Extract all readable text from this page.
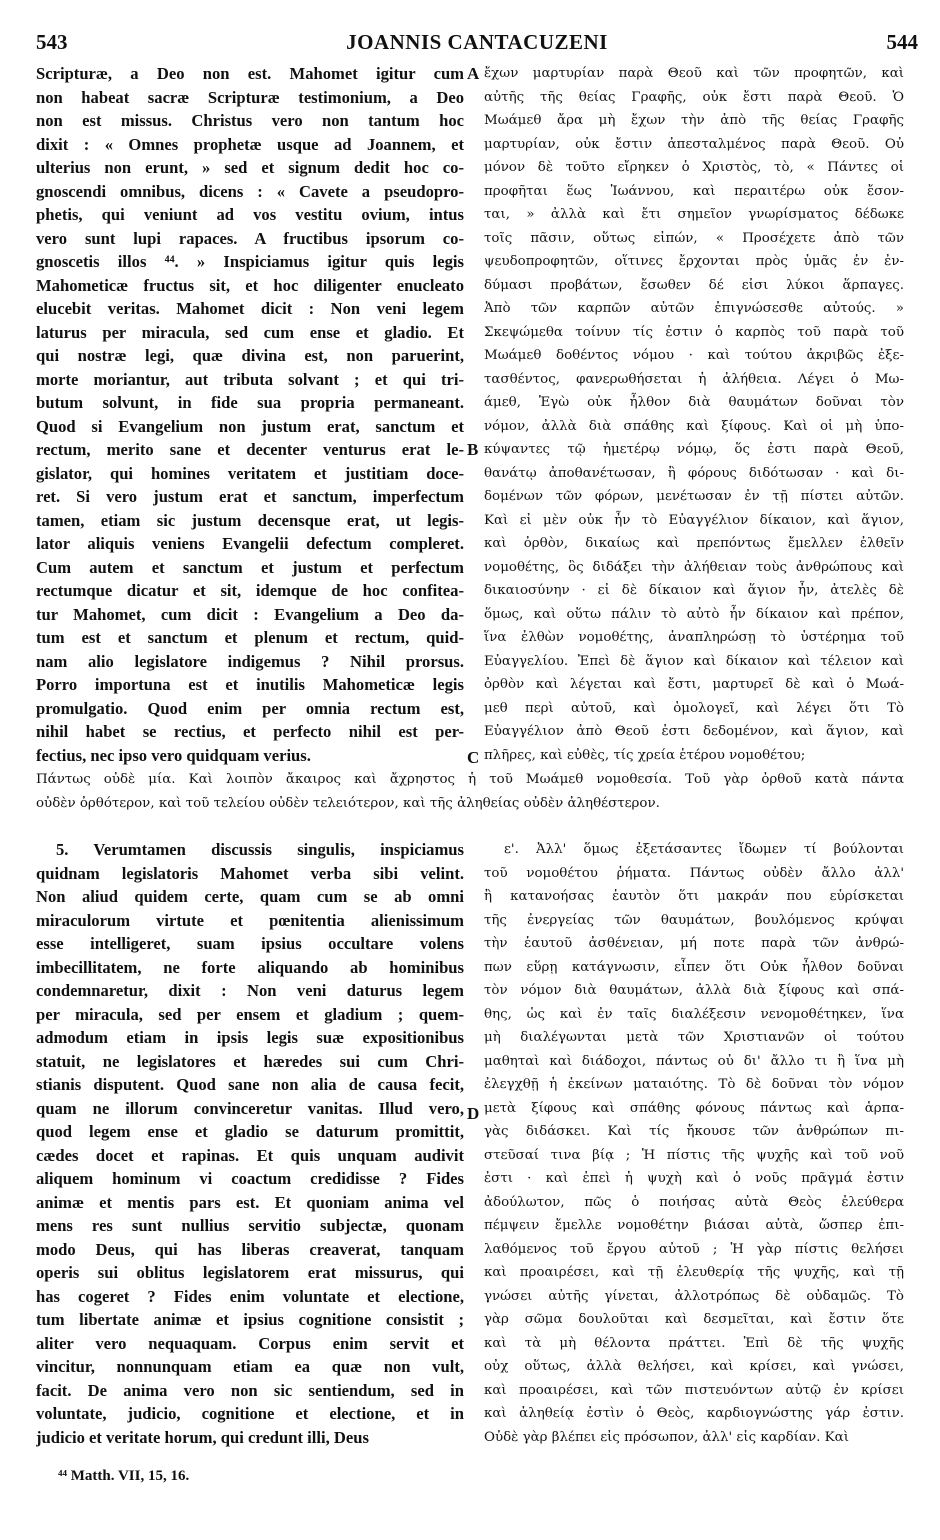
543	JOANNIS CANTACUZENI	544
Scripturæ, a Deo non est. Mahomet igitur cum
non habeat sacræ Scripturæ testimonium, a Deo
non est missus. Christus vero non tantum hoc
dixit : « Omnes prophetæ usque ad Joannem, et
ulterius non erunt, » sed et signum dedit hoc co-
gnoscendi omnibus, dicens : « Cavete a pseudopro-
phetis, qui veniunt ad vos vestitu ovium, intus
vero sunt lupi rapaces. A fructibus ipsorum co-
gnoscetis illos ⁴⁴. » Inspiciamus igitur quis legis
Mahometicæ fructus sit, et hoc diligenter enucleato
elucebit veritas. Mahomet dicit : Non veni legem
laturus per miracula, sed cum ense et gladio. Et
qui nostræ legi, quæ divina est, non paruerint,
morte moriantur, aut tributa solvant ; et qui tri-
butum solvunt, in fide sua propria permaneant.
Quod si Evangelium non justum erat, sanctum et
rectum, merito sane et decenter venturus erat le-
gislator, qui homines veritatem et justitiam doce-
ret. Si vero justum erat et sanctum, imperfectum
tamen, etiam sic justum decensque erat, ut legis-
lator aliquis veniens Evangelii defectum compleret.
Cum autem et sanctum et justum et perfectum
rectumque dicatur et sit, idemque de hoc confitea-
tur Mahomet, cum dicit : Evangelium a Deo da-
tum est et sanctum et plenum et rectum, quid-
nam alio legislatore indigemus ? Nihil prorsus.
Porro importuna est et inutilis Mahometicæ legis
promulgatio. Quod enim per omnia rectum est,
nihil habet se rectius, et perfecto nihil est per-
fectius, nec ipso vero quidquam verius.
ἔχων μαρτυρίαν παρὰ Θεοῦ καὶ τῶν προφητῶν, καὶ
αὐτῆς τῆς θείας Γραφῆς, οὐκ ἔστι παρὰ Θεοῦ. Ὁ
Μωάμεθ ἄρα μὴ ἔχων τὴν ἀπὸ τῆς θείας Γραφῆς
μαρτυρίαν, οὐκ ἔστιν ἀπεσταλμένος παρὰ Θεοῦ. Οὐ
μόνον δὲ τοῦτο εἴρηκεν ὁ Χριστὸς, τὸ, « Πάντες οἱ
προφῆται ἕως Ἰωάννου, καὶ περαιτέρω οὐκ ἔσον-
ται, » ἀλλὰ καὶ ἔτι σημεῖον γνωρίσματος δέδωκε
τοῖς πᾶσιν, οὕτως εἰπών, « Προσέχετε ἀπὸ τῶν
ψευδοπροφητῶν, οἵτινες ἔρχονται πρὸς ὑμᾶς ἐν ἐν-
δύμασι προβάτων, ἔσωθεν δέ εἰσι λύκοι ἅρπαγες.
Ἀπὸ τῶν καρπῶν αὐτῶν ἐπιγνώσεσθε αὐτούς. »
Σκεψώμεθα τοίνυν τίς ἐστιν ὁ καρπὸς τοῦ παρὰ τοῦ
Μωάμεθ δοθέντος νόμου · καὶ τούτου ἀκριβῶς ἐξε-
τασθέντος, φανερωθήσεται ἡ ἀλήθεια. Λέγει ὁ Μω-
άμεθ, Ἐγὼ οὐκ ἦλθον διὰ θαυμάτων δοῦναι τὸν
νόμον, ἀλλὰ διὰ σπάθης καὶ ξίφους. Καὶ οἱ μὴ ὑπο-
κύψαντες τῷ ἡμετέρῳ νόμῳ, ὅς ἐστι παρὰ Θεοῦ,
θανάτῳ ἀποθανέτωσαν, ἢ φόρους διδότωσαν · καὶ δι-
δομένων τῶν φόρων, μενέτωσαν ἐν τῇ πίστει αὐτῶν.
Καὶ εἰ μὲν οὐκ ἦν τὸ Εὐαγγέλιον δίκαιον, καὶ ἅγιον,
καὶ ὀρθὸν, δικαίως καὶ πρεπόντως ἔμελλεν ἐλθεῖν
νομοθέτης, ὃς διδάξει τὴν ἀλήθειαν τοὺς ἀνθρώπους καὶ
δικαιοσύνην · εἰ δὲ δίκαιον καὶ ἅγιον ἦν, ἀτελὲς δὲ
ὅμως, καὶ οὕτω πάλιν τὸ αὐτὸ ἦν δίκαιον καὶ πρέπον,
ἵνα ἐλθὼν νομοθέτης, ἀναπληρώσῃ τὸ ὑστέρημα τοῦ
Εὐαγγελίου. Ἐπεὶ δὲ ἅγιον καὶ δίκαιον καὶ τέλειον καὶ
ὀρθὸν καὶ λέγεται καὶ ἔστι, μαρτυρεῖ δὲ καὶ ὁ Μωά-
μεθ περὶ αὐτοῦ, καὶ ὁμολογεῖ, καὶ λέγει ὅτι Τὸ
Εὐαγγέλιον ἀπὸ Θεοῦ ἐστι δεδομένον, καὶ ἅγιον, καὶ
πλῆρες, καὶ εὐθὲς, τίς χρεία ἑτέρου νομοθέτου;
Πάντως οὐδὲ μία. Καὶ λοιπὸν ἄκαιρος καὶ ἄχρηστος ἡ τοῦ Μωάμεθ νομοθεσία. Τοῦ γὰρ ὀρθοῦ κατὰ πάντα
οὐδὲν ὀρθότερον, καὶ τοῦ τελείου οὐδὲν τελειότερον, καὶ τῆς ἀληθείας οὐδὲν ἀληθέστερον.
5. Verumtamen discussis singulis, inspiciamus
quidnam legislatoris Mahomet verba sibi velint.
Non aliud quidem certe, quam cum se ab omni
miraculorum virtute et pœnitentia alienissimum
esse intelligeret, suam ipsius occultare volens
imbecillitatem, ne forte aliquando ab hominibus
condemnaretur, dixit : Non veni daturus legem
per miracula, sed per ensem et gladium ; quem-
admodum etiam in ipsis legis suæ expositionibus
statuit, ne legislatores et hæredes sui cum Chri-
stianis disputent. Quod sane non alia de causa fecit,
quam ne illorum convinceretur vanitas. Illud vero,
quod legem ense et gladio se daturum promittit,
cædes docet et rapinas. Et quis unquam audivit
aliquem hominum vi coactum credidisse ? Fides
animæ et mentis pars est. Et quoniam anima vel
mens res sunt nullius servitio subjectæ, quonam
modo Deus, qui has liberas creaverat, tanquam
operis sui oblitus legislatorem erat missurus, qui
has cogeret ? Fides enim voluntate et electione,
tum libertate animæ et ipsius cognitione consistit ;
aliter vero nequaquam. Corpus enim servit et
vincitur, nonnunquam etiam ea quæ non vult,
facit. De anima vero non sic sentiendum, sed in
voluntate, judicio, cognitione et electione, et in
judicio et veritate horum, qui credunt illi, Deus
ε'. Ἀλλ' ὅμως ἐξετάσαντες ἴδωμεν τί βούλονται
τοῦ νομοθέτου ῥήματα. Πάντως οὐδὲν ἄλλο ἀλλ'
ἢ κατανοήσας ἑαυτὸν ὅτι μακράν που εὑρίσκεται
τῆς ἐνεργείας τῶν θαυμάτων, βουλόμενος κρύψαι
τὴν ἑαυτοῦ ἀσθένειαν, μή ποτε παρὰ τῶν ἀνθρώ-
πων εὕρῃ κατάγνωσιν, εἶπεν ὅτι Οὐκ ἦλθον δοῦναι
τὸν νόμον διὰ θαυμάτων, ἀλλὰ διὰ ξίφους καὶ σπά-
θης, ὡς καὶ ἐν ταῖς διαλέξεσιν νενομοθέτηκεν, ἵνα
μὴ διαλέγωνται μετὰ τῶν Χριστιανῶν οἱ τούτου
μαθηταὶ καὶ διάδοχοι, πάντως οὐ δι' ἄλλο τι ἢ ἵνα μὴ
ἐλεγχθῇ ἡ ἐκείνων ματαιότης. Τὸ δὲ δοῦναι τὸν νόμον
μετὰ ξίφους καὶ σπάθης φόνους πάντως καὶ ἁρπα-
γὰς διδάσκει. Καὶ τίς ἤκουσε τῶν ἀνθρώπων πι-
στεῦσαί τινα βίᾳ ; Ἡ πίστις τῆς ψυχῆς καὶ τοῦ νοῦ
ἐστι · καὶ ἐπεὶ ἡ ψυχὴ καὶ ὁ νοῦς πρᾶγμά ἐστιν
ἀδούλωτον, πῶς ὁ ποιήσας αὐτὰ Θεὸς ἐλεύθερα
πέμψειν ἔμελλε νομοθέτην βιάσαι αὐτὰ, ὥσπερ ἐπι-
λαθόμενος τοῦ ἔργου αὐτοῦ ; Ἡ γὰρ πίστις θελήσει
καὶ προαιρέσει, καὶ τῇ ἐλευθερίᾳ τῆς ψυχῆς, καὶ τῇ
γνώσει αὐτῆς γίνεται, ἀλλοτρόπως δὲ οὐδαμῶς. Τὸ
γὰρ σῶμα δουλοῦται καὶ δεσμεῖται, καὶ ἔστιν ὅτε
καὶ τὰ μὴ θέλοντα πράττει. Ἐπὶ δὲ τῆς ψυχῆς
οὐχ οὕτως, ἀλλὰ θελήσει, καὶ κρίσει, καὶ γνώσει,
καὶ προαιρέσει, καὶ τῶν πιστευόντων αὐτῷ ἐν κρίσει
καὶ ἀληθείᾳ ἐστὶν ὁ Θεὸς, καρδιογνώστης γάρ ἐστιν.
Οὐδὲ γὰρ βλέπει εἰς πρόσωπον, ἀλλ' εἰς καρδίαν. Καὶ
A
B
C
D
⁴⁴ Matth. VII, 15, 16.
